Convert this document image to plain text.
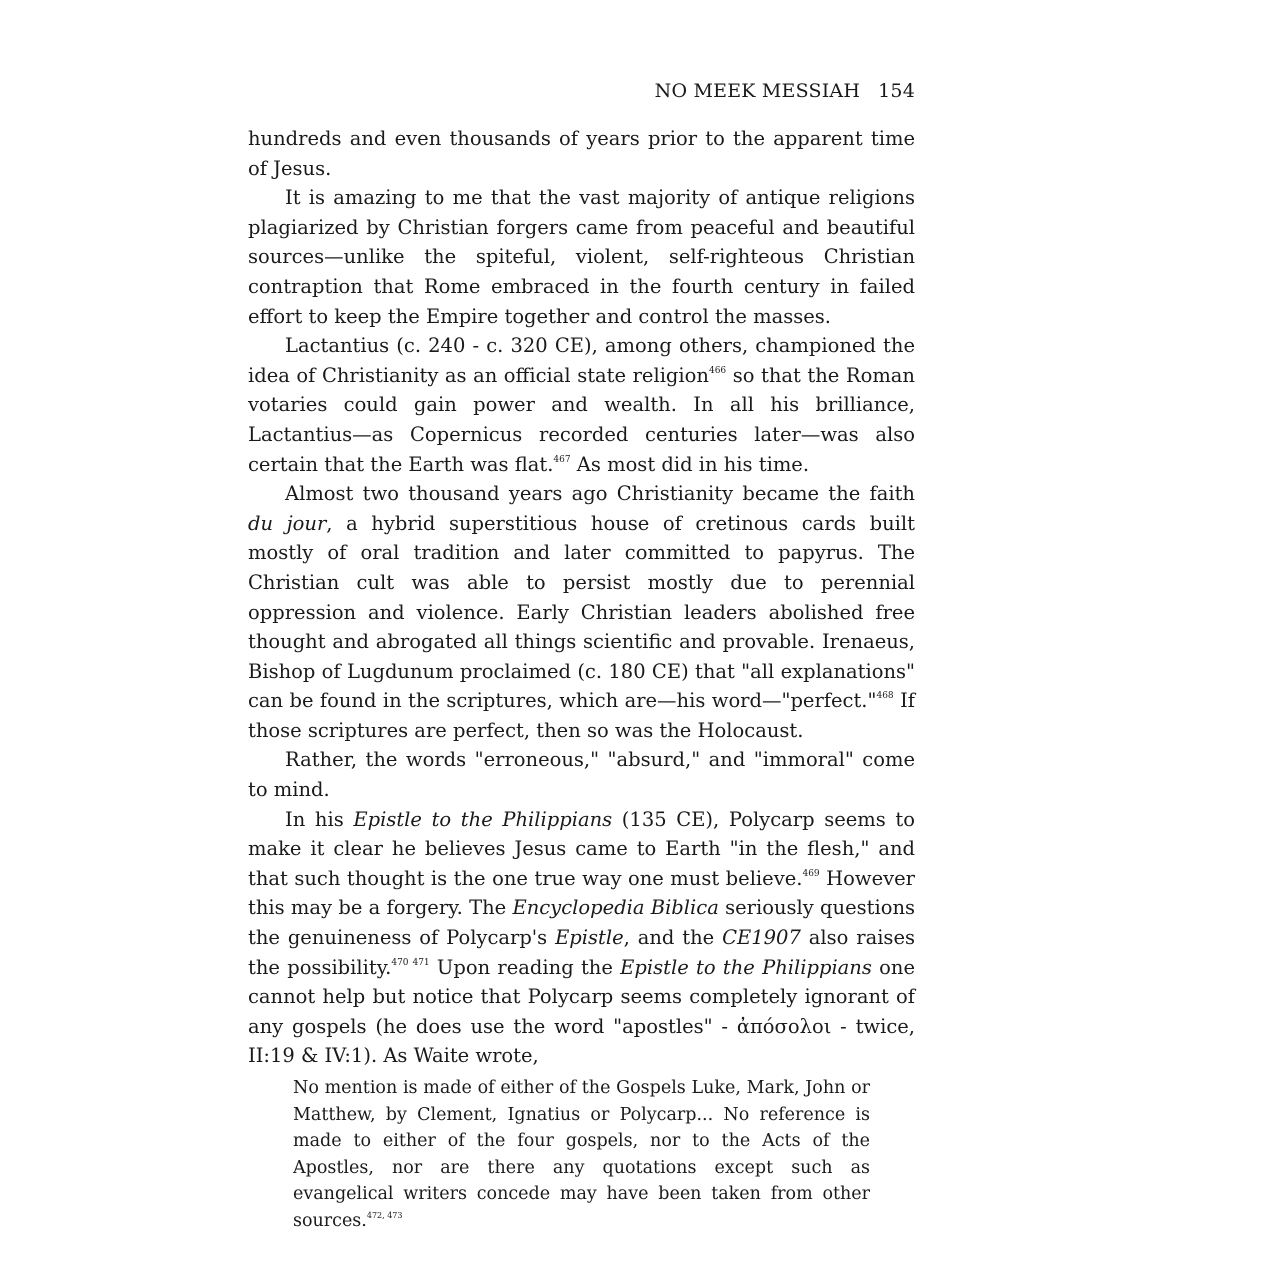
NO MEEK MESSIAH 154

hundreds and even thousands of years prior to the apparent time of Jesus.

It is amazing to me that the vast majority of antique religions plagiarized by Christian forgers came from peaceful and beautiful sources—unlike the spiteful, violent, self-righteous Christian contraption that Rome embraced in the fourth century in failed effort to keep the Empire together and control the masses.

Lactantius (c. 240 - c. 320 CE), among others, championed the idea of Christianity as an official state religion$^{466}$ so that the Roman votaries could gain power and wealth. In all his brilliance, Lactantius—as Copernicus recorded centuries later—was also certain that the Earth was flat.$^{467}$ As most did in his time.

Almost two thousand years ago Christianity became the faith du jour, a hybrid superstitious house of cretinous cards built mostly of oral tradition and later committed to papyrus. The Christian cult was able to persist mostly due to perennial oppression and violence. Early Christian leaders abolished free thought and abrogated all things scientific and provable. Irenaeus, Bishop of Lugdunum proclaimed (c. 180 CE) that "all explanations" can be found in the scriptures, which are—his word—"perfect."$^{468}$ If those scriptures are perfect, then so was the Holocaust.

Rather, the words "erroneous," "absurd," and "immoral" come to mind.

In his Epistle to the Philippians (135 CE), Polycarp seems to make it clear he believes Jesus came to Earth "in the flesh," and that such thought is the one true way one must believe.$^{469}$ However this may be a forgery. The Encyclopedia Biblica seriously questions the genuineness of Polycarp's Epistle, and the CE1907 also raises the possibility.$^{470 471}$ Upon reading the Epistle to the Philippians one cannot help but notice that Polycarp seems completely ignorant of any gospels (he does use the word "apostles" - ἀπόσολοι - twice, II:19 & IV:1). As Waite wrote,

No mention is made of either of the Gospels Luke, Mark, John or Matthew, by Clement, Ignatius or Polycarp... No reference is made to either of the four gospels, nor to the Acts of the Apostles, nor are there any quotations except such as evangelical writers concede may have been taken from other sources.$^{472, 473}$
